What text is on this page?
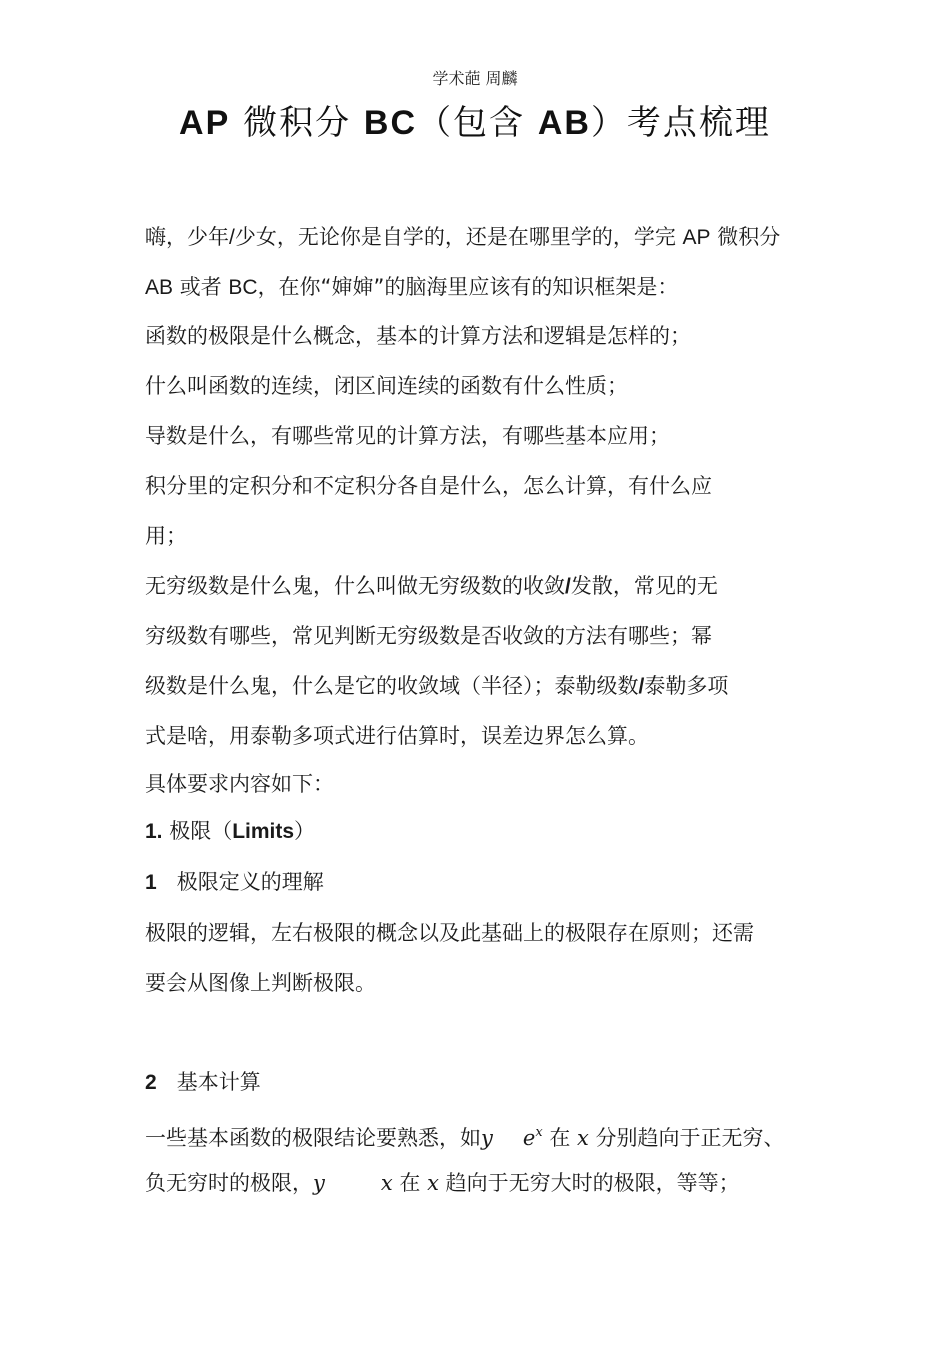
学术葩 周麟
AP 微积分 BC（包含 AB）考点梳理

嗨，少年/少女，无论你是自学的，还是在哪里学的，学完 AP 微积分

AB 或者 BC，在你“婶婶”的脑海里应该有的知识框架是：

函数的极限是什么概念，基本的计算方法和逻辑是怎样的；

什么叫函数的连续，闭区间连续的函数有什么性质；

导数是什么，有哪些常见的计算方法，有哪些基本应用；

积分里的定积分和不定积分各自是什么，怎么计算，有什么应

用；

无穷级数是什么鬼，什么叫做无穷级数的收敛/发散，常见的无

穷级数有哪些，常见判断无穷级数是否收敛的方法有哪些；幂

级数是什么鬼，什么是它的收敛域（半径）；泰勒级数/泰勒多项

式是啥，用泰勒多项式进行估算时，误差边界怎么算。

具体要求内容如下：

1. 极限（Limits）

1 极限定义的理解

极限的逻辑，左右极限的概念以及此基础上的极限存在原则；还需

要会从图像上判断极限。

2 基本计算

一些基本函数的极限结论要熟悉，如y $e^x$ 在 x 分别趋向于正无穷、

负无穷时的极限，y	x 在 x 趋向于无穷大时的极限，等等；
